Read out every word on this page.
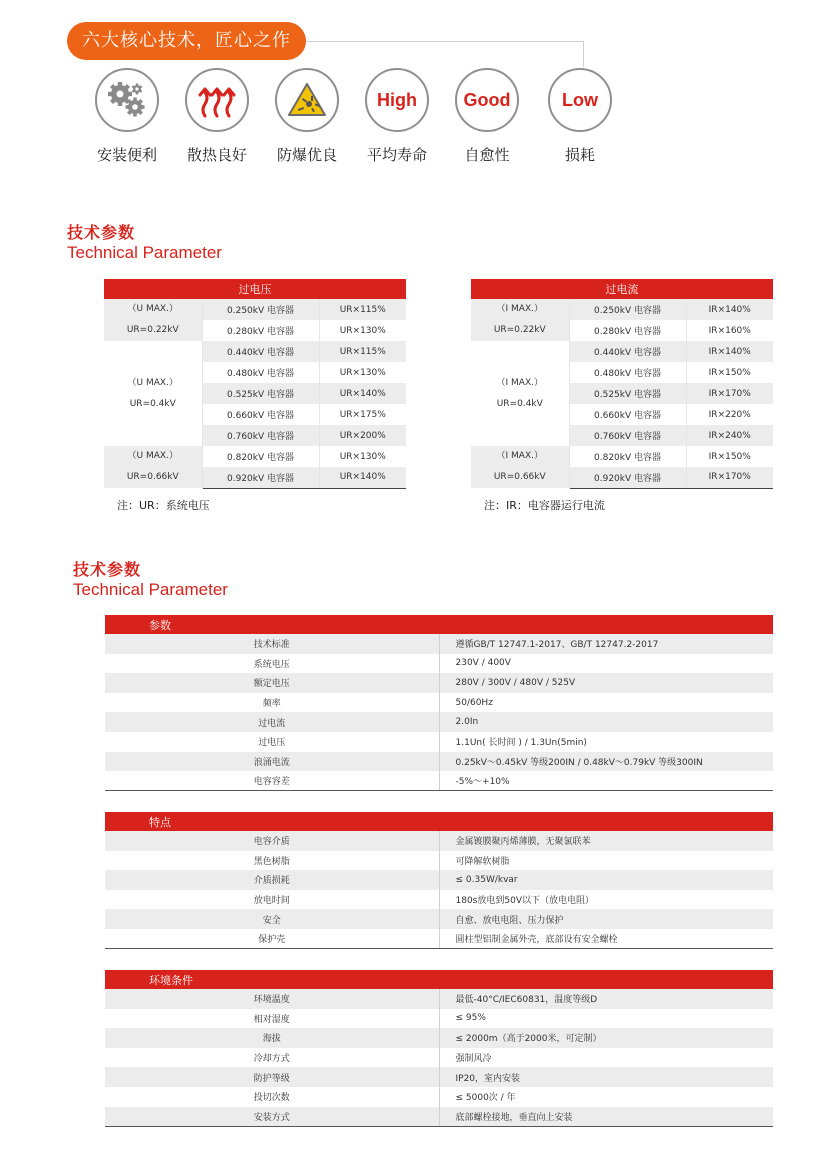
六大核心技术，匠心之作
安装便利	散热良好	防爆优良
High
平均寿命
Good
自愈性
Low
损耗
技术参数
Technical Parameter
过电压		

（U MAX.）
UR=0.22kV	0.250kV 电容器	UR×115%
	0.280kV 电容器	UR×130%

（U MAX.）
UR=0.4kV	0.440kV 电容器	UR×115%
	0.480kV 电容器	UR×130%
	0.525kV 电容器	UR×140%
	0.660kV 电容器	UR×175%
	0.760kV 电容器	UR×200%

（U MAX.）
UR=0.66kV	0.820kV 电容器	UR×130%
	0.920kV 电容器	UR×140%
注：UR：系统电压
过电流		

（I MAX.）
UR=0.22kV	0.250kV 电容器	IR×140%
	0.280kV 电容器	IR×160%

（I MAX.）
UR=0.4kV	0.440kV 电容器	IR×140%
	0.480kV 电容器	IR×150%
	0.525kV 电容器	IR×170%
	0.660kV 电容器	IR×220%
	0.760kV 电容器	IR×240%

（I MAX.）
UR=0.66kV	0.820kV 电容器	IR×150%
	0.920kV 电容器	IR×170%
注：IR：电容器运行电流
技术参数
Technical Parameter
参数	
技术标准	遵循GB/T 12747.1-2017、GB/T 12747.2-2017
系统电压	230V / 400V
额定电压	280V / 300V / 480V / 525V
频率	50/60Hz
过电流	2.0In
过电压	1.1Un( 长时间 ) / 1.3Un(5min)
浪涌电流	0.25kV～0.45kV 等级200IN / 0.48kV～0.79kV 等级300IN
电容容差	-5%～+10%
特点	
电容介质	金属镀膜聚丙烯薄膜，无聚氯联苯
黑色树脂	可降解软树脂
介质损耗	≤ 0.35W/kvar
放电时间	180s放电到50V以下（放电电阻）
安全	自愈、放电电阻、压力保护
保护壳	圆柱型铝制金属外壳，底部设有安全螺栓
环境条件	
环境温度	最低-40°C/IEC60831，温度等级D
相对湿度	≤ 95%
海拔	≤ 2000m（高于2000米，可定制）
冷却方式	强制风冷
防护等级	IP20，室内安装
投切次数	≤ 5000次 / 年
安装方式	底部螺栓接地，垂直向上安装
